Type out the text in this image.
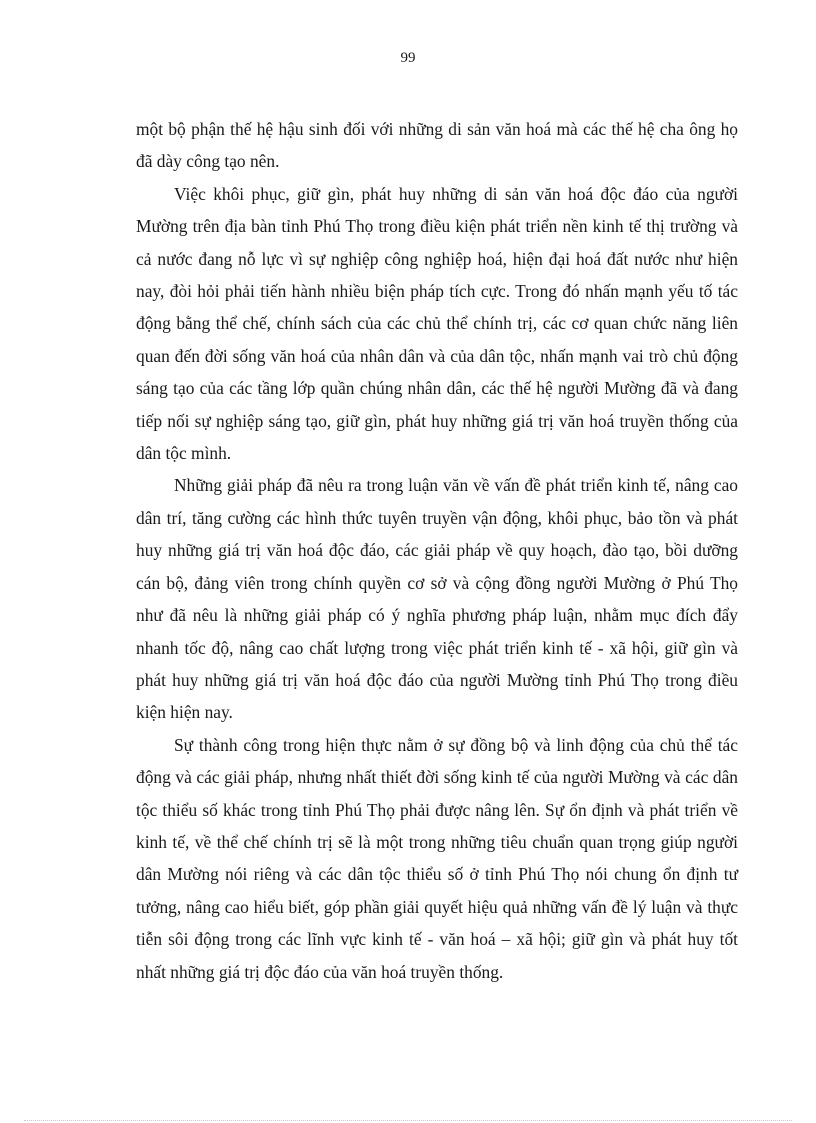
99

một bộ phận thế hệ hậu sinh đối với những di sản văn hoá mà các thế hệ cha ông họ đã dày công tạo nên.

Việc khôi phục, giữ gìn, phát huy những di sản văn hoá độc đáo của người Mường trên địa bàn tỉnh Phú Thọ trong điều kiện phát triển nền kinh tế thị trường và cả nước đang nỗ lực vì sự nghiệp công nghiệp hoá, hiện đại hoá đất nước như hiện nay, đòi hỏi phải tiến hành nhiều biện pháp tích cực. Trong đó nhấn mạnh yếu tố tác động bằng thể chế, chính sách của các chủ thể chính trị, các cơ quan chức năng liên quan đến đời sống văn hoá của nhân dân và của dân tộc, nhấn mạnh vai trò chủ động sáng tạo của các tầng lớp quần chúng nhân dân, các thế hệ người Mường đã và đang tiếp nối sự nghiệp sáng tạo, giữ gìn, phát huy những giá trị văn hoá truyền thống của dân tộc mình.

Những giải pháp đã nêu ra trong luận văn về vấn đề phát triển kinh tế, nâng cao dân trí, tăng cường các hình thức tuyên truyền vận động, khôi phục, bảo tồn và phát huy những giá trị văn hoá độc đáo, các giải pháp về quy hoạch, đào tạo, bồi dưỡng cán bộ, đảng viên trong chính quyền cơ sở và cộng đồng người Mường ở Phú Thọ như đã nêu là những giải pháp có ý nghĩa phương pháp luận, nhằm mục đích đẩy nhanh tốc độ, nâng cao chất lượng trong việc phát triển kinh tế - xã hội, giữ gìn và phát huy những giá trị văn hoá độc đáo của người Mường tỉnh Phú Thọ trong điều kiện hiện nay.

Sự thành công trong hiện thực nằm ở sự đồng bộ và linh động của chủ thể tác động và các giải pháp, nhưng nhất thiết đời sống kinh tế của người Mường và các dân tộc thiểu số khác trong tỉnh Phú Thọ phải được nâng lên. Sự ổn định và phát triển về kinh tế, về thể chế chính trị sẽ là một trong những tiêu chuẩn quan trọng giúp người dân Mường nói riêng và các dân tộc thiểu số ở tỉnh Phú Thọ nói chung ổn định tư tưởng, nâng cao hiểu biết, góp phần giải quyết hiệu quả những vấn đề lý luận và thực tiễn sôi động trong các lĩnh vực kinh tế - văn hoá – xã hội; giữ gìn và phát huy tốt nhất những giá trị độc đáo của văn hoá truyền thống.
